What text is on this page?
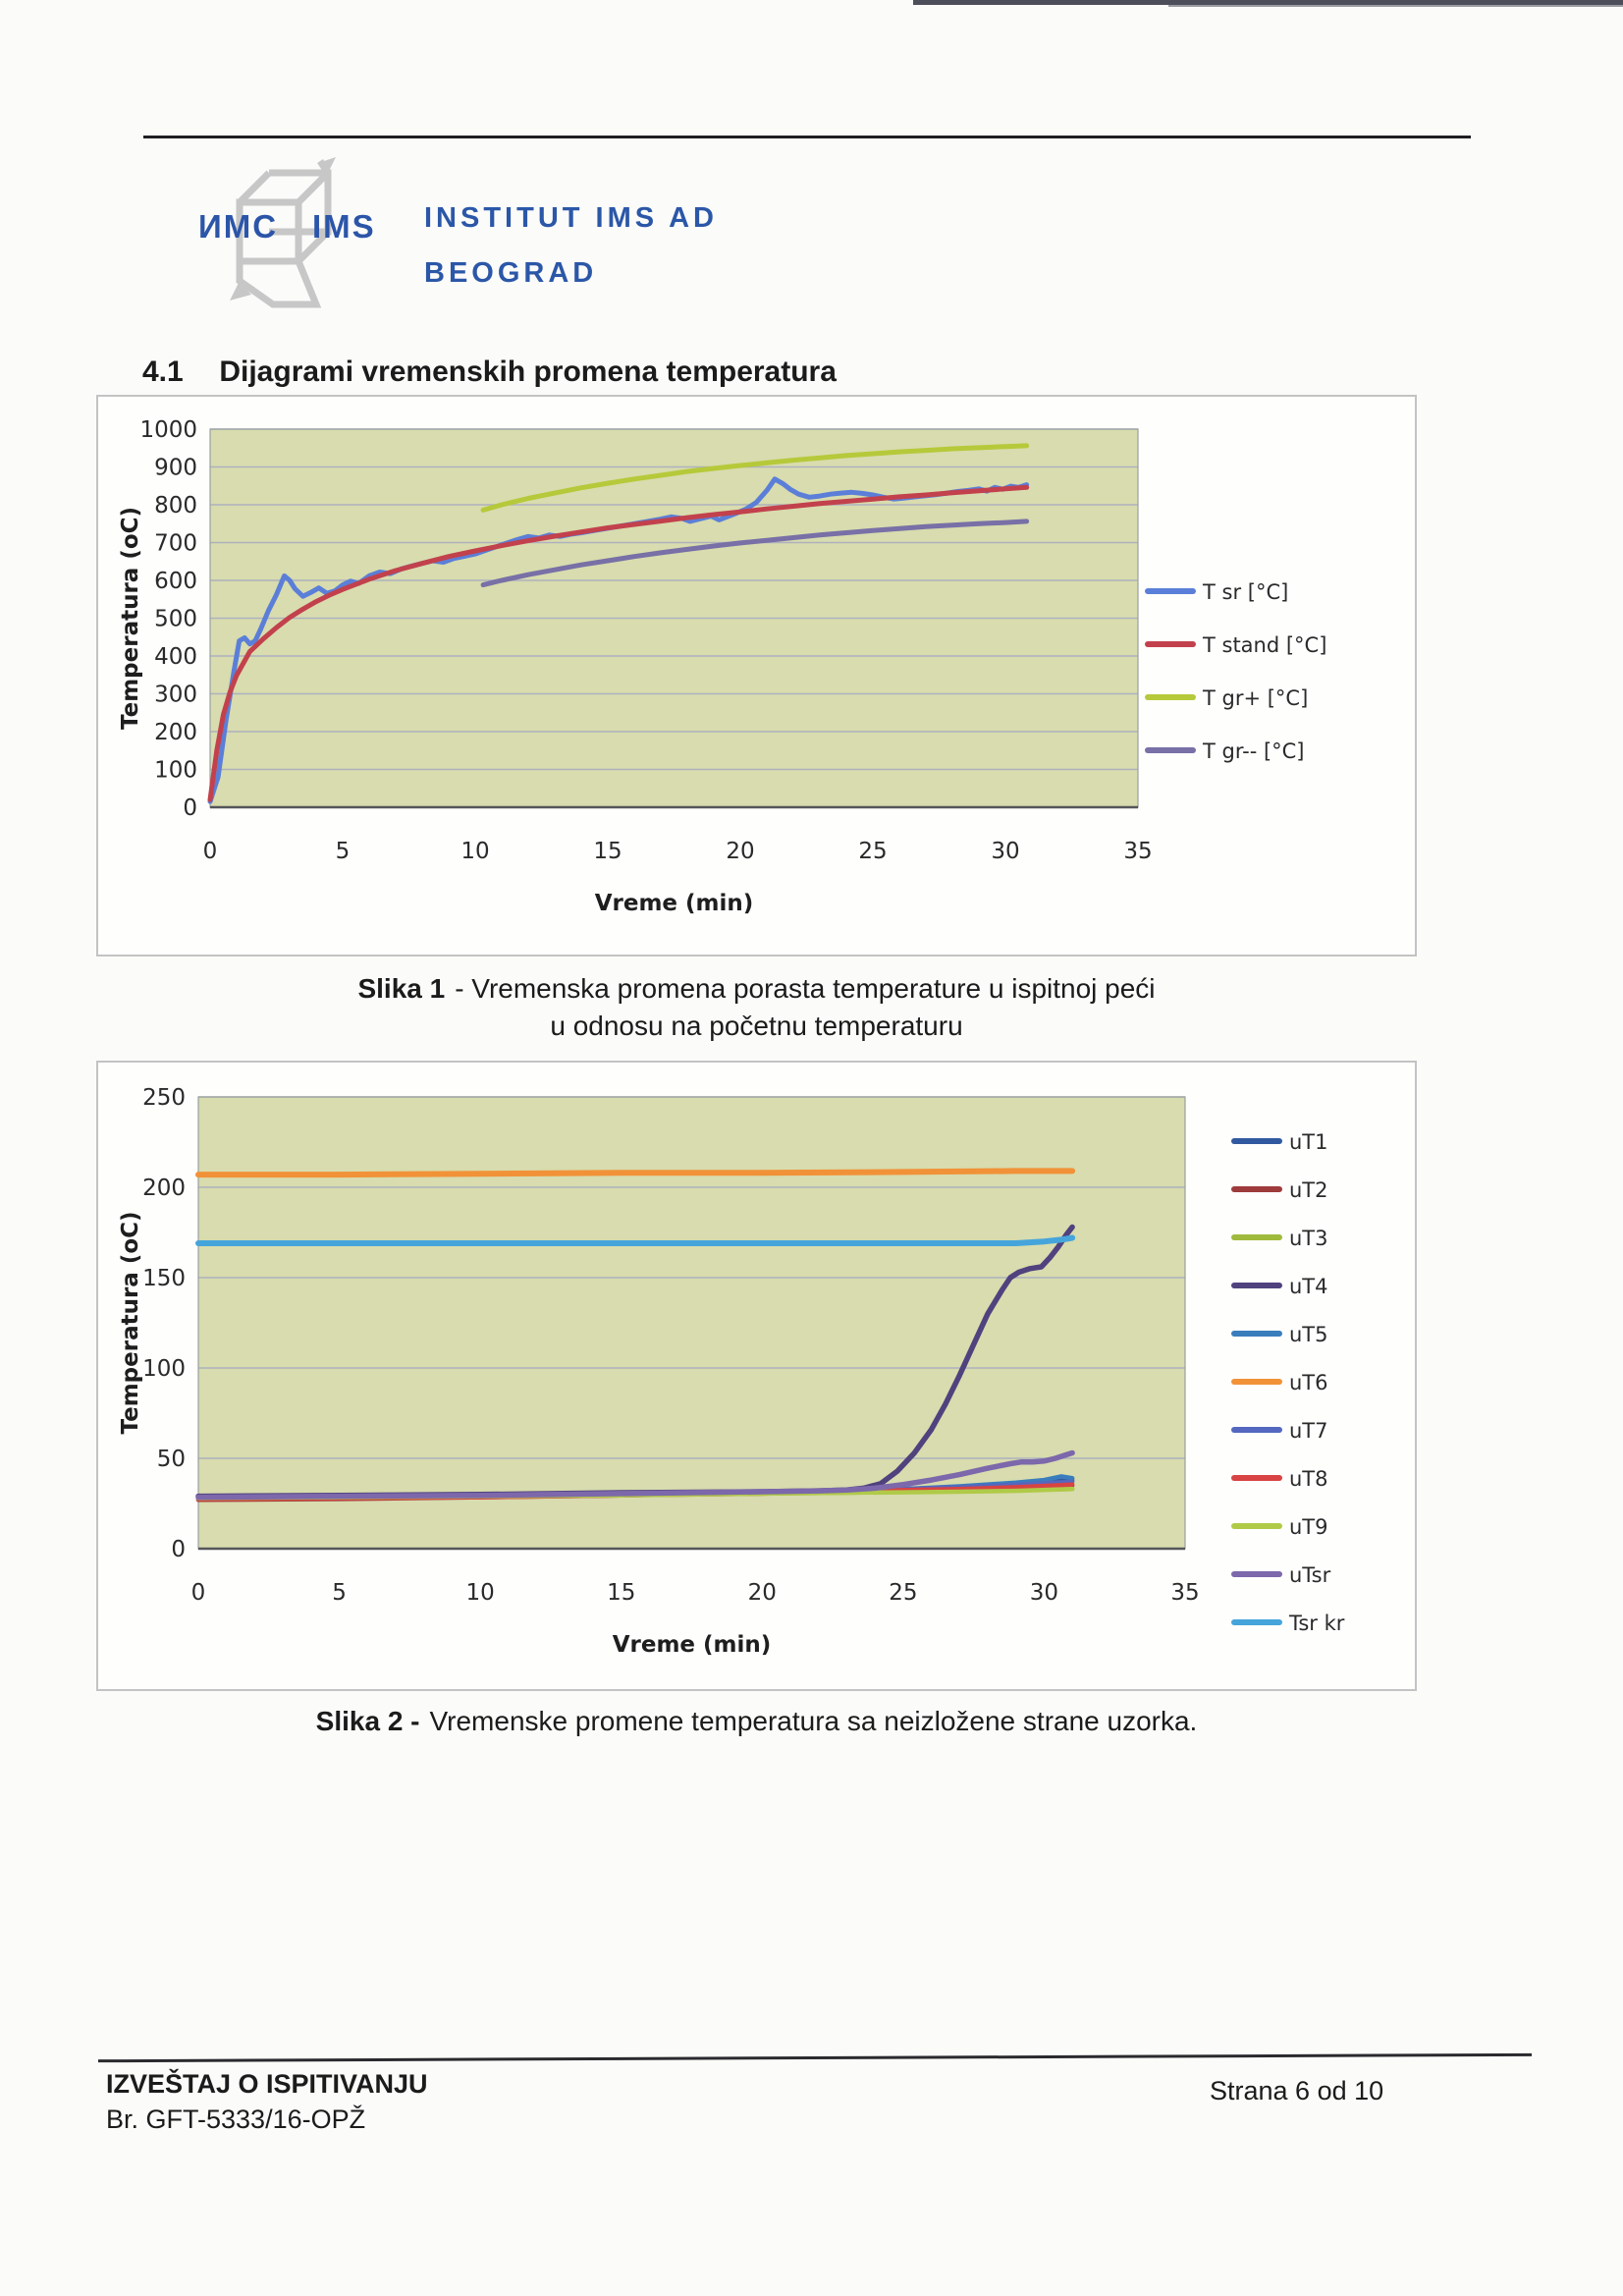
ИMC IMS INSTITUT IMS AD
BEOGRAD
4.1 Dijagrami vremenskih promena temperatura
0
100
200
300
400
500
600
700
800
900
1000
0	5	10	15	20	25	30	35
Vreme (min)
Temperatura (oC)	T sr [°C]
T stand [°C]
T gr+ [°C]
T gr-- [°C]
Slika 1 - Vremenska promena porasta temperature u ispitnoj peći
u odnosu na početnu temperaturu
0
50
100
150
200
250
0	5	10	15	20	25	30	35
Vreme (min)
Temperatura (oC)
uT1
uT2
uT3
uT4
uT5
uT6
uT7
uT8
uT9
uTsr
Tsr kr
Slika 2 - Vremenske promene temperatura sa neizložene strane uzorka.
IZVEŠTAJ O ISPITIVANJU
Br. GFT-5333/16-OPŽ
Strana 6 od 10
